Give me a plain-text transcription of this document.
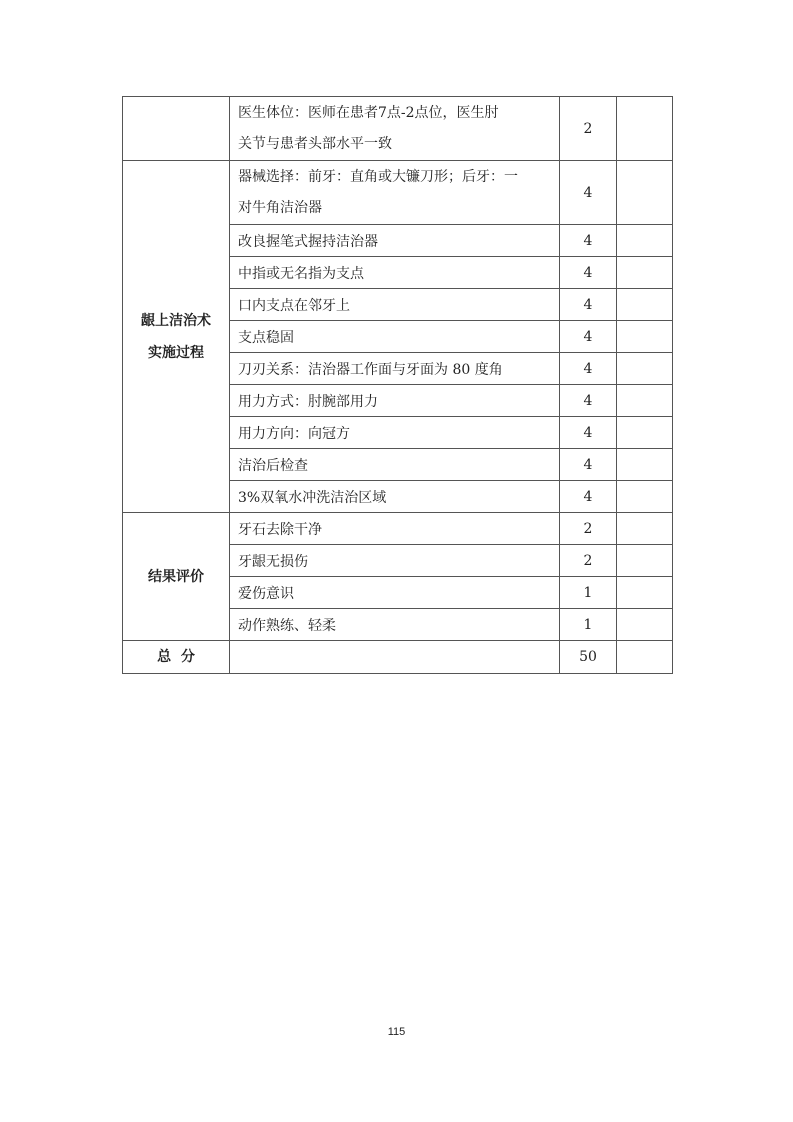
	医生体位：医师在患者7点-2点位，医生肘
关节与患者头部水平一致	2	

龈上洁治术
实施过程	器械选择：前牙：直角或大镰刀形；后牙：一
对牛角洁治器	4	
	改良握笔式握持洁治器	4	
	中指或无名指为支点	4	
	口内支点在邻牙上	4	
	支点稳固	4	
	刀刃关系：洁治器工作面与牙面为 80 度角	4	
	用力方式：肘腕部用力	4	
	用力方向：向冠方	4	
	洁治后检查	4	
	3%双氧水冲洗洁治区域	4	
结果评价	牙石去除干净	2	
	牙龈无损伤	2	
	爱伤意识	1	
	动作熟练、轻柔	1	
总  分		50	
115
